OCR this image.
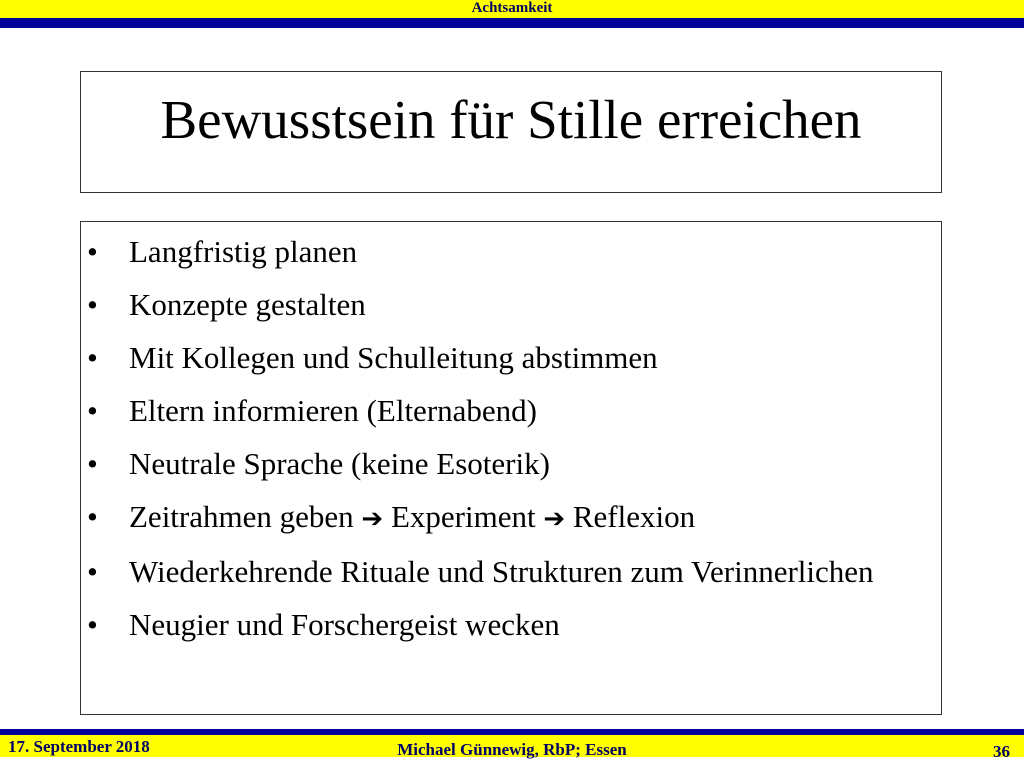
Achtsamkeit
Bewusstsein für Stille erreichen
• Langfristig planen
• Konzepte gestalten
• Mit Kollegen und Schulleitung abstimmen
• Eltern informieren (Elternabend)
• Neutrale Sprache (keine Esoterik)
• Zeitrahmen geben ➔ Experiment ➔ Reflexion
• Wiederkehrende Rituale und Strukturen zum Verinnerlichen
• Neugier und Forschergeist wecken
17. September 2018	Michael Günnewig, RbP; Essen	36
